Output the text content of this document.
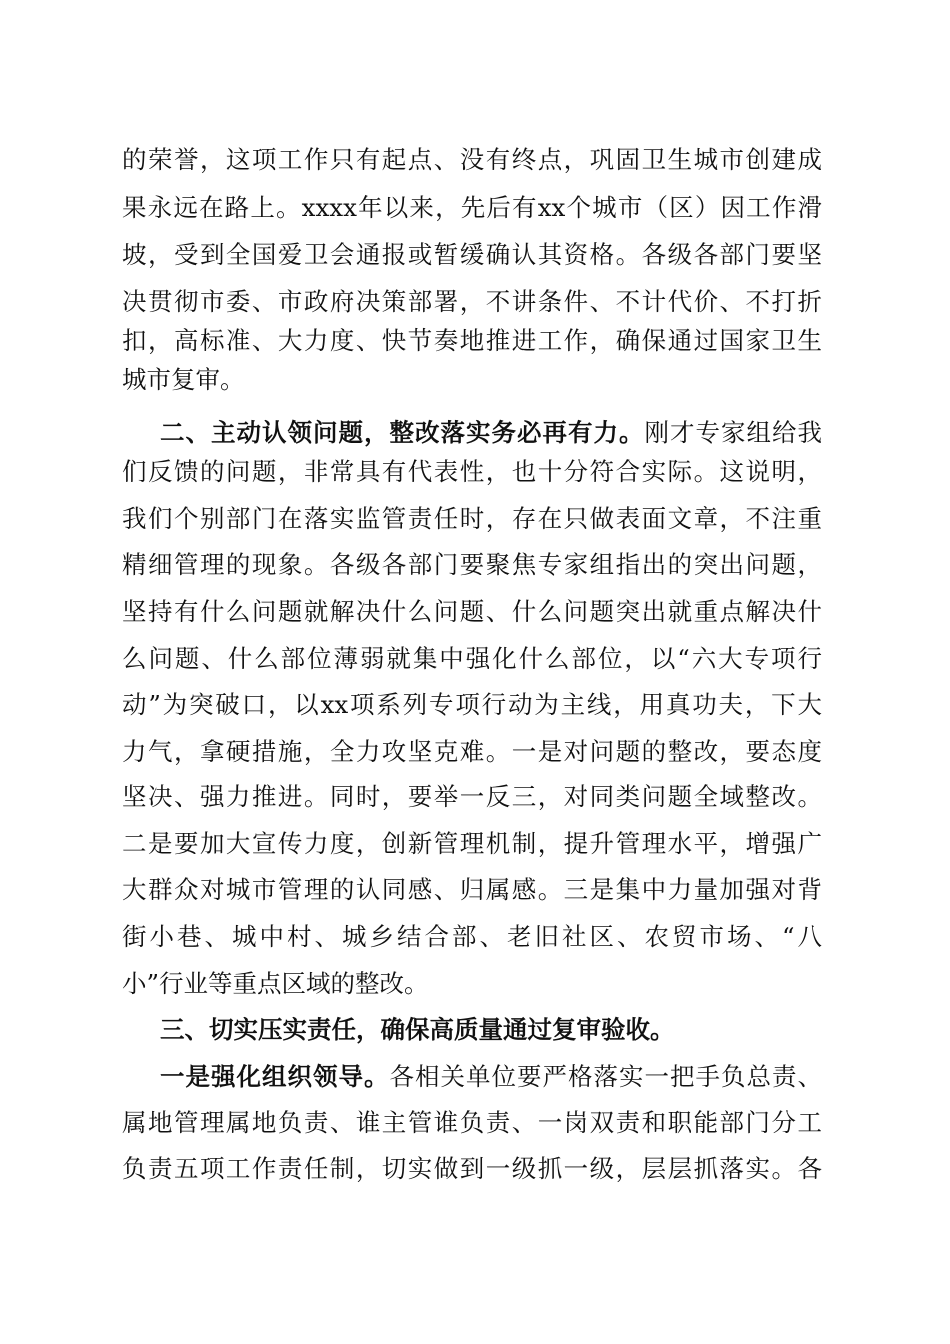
的荣誉，这项工作只有起点、没有终点，巩固卫生城市创建成
果永远在路上。xxxx年以来，先后有xx个城市（区）因工作滑
坡，受到全国爱卫会通报或暂缓确认其资格。各级各部门要坚
决贯彻市委、市政府决策部署，不讲条件、不计代价、不打折
扣，高标准、大力度、快节奏地推进工作，确保通过国家卫生
城市复审。
二、主动认领问题，整改落实务必再有力。刚才专家组给我
们反馈的问题，非常具有代表性，也十分符合实际。这说明，
我们个别部门在落实监管责任时，存在只做表面文章，不注重
精细管理的现象。各级各部门要聚焦专家组指出的突出问题，
坚持有什么问题就解决什么问题、什么问题突出就重点解决什
么问题、什么部位薄弱就集中强化什么部位，以“六大专项行
动”为突破口，以xx项系列专项行动为主线，用真功夫，下大
力气，拿硬措施，全力攻坚克难。一是对问题的整改，要态度
坚决、强力推进。同时，要举一反三，对同类问题全域整改。
二是要加大宣传力度，创新管理机制，提升管理水平，增强广
大群众对城市管理的认同感、归属感。三是集中力量加强对背
街小巷、城中村、城乡结合部、老旧社区、农贸市场、“八
小”行业等重点区域的整改。
三、切实压实责任，确保高质量通过复审验收。
一是强化组织领导。各相关单位要严格落实一把手负总责、
属地管理属地负责、谁主管谁负责、一岗双责和职能部门分工
负责五项工作责任制，切实做到一级抓一级，层层抓落实。各
